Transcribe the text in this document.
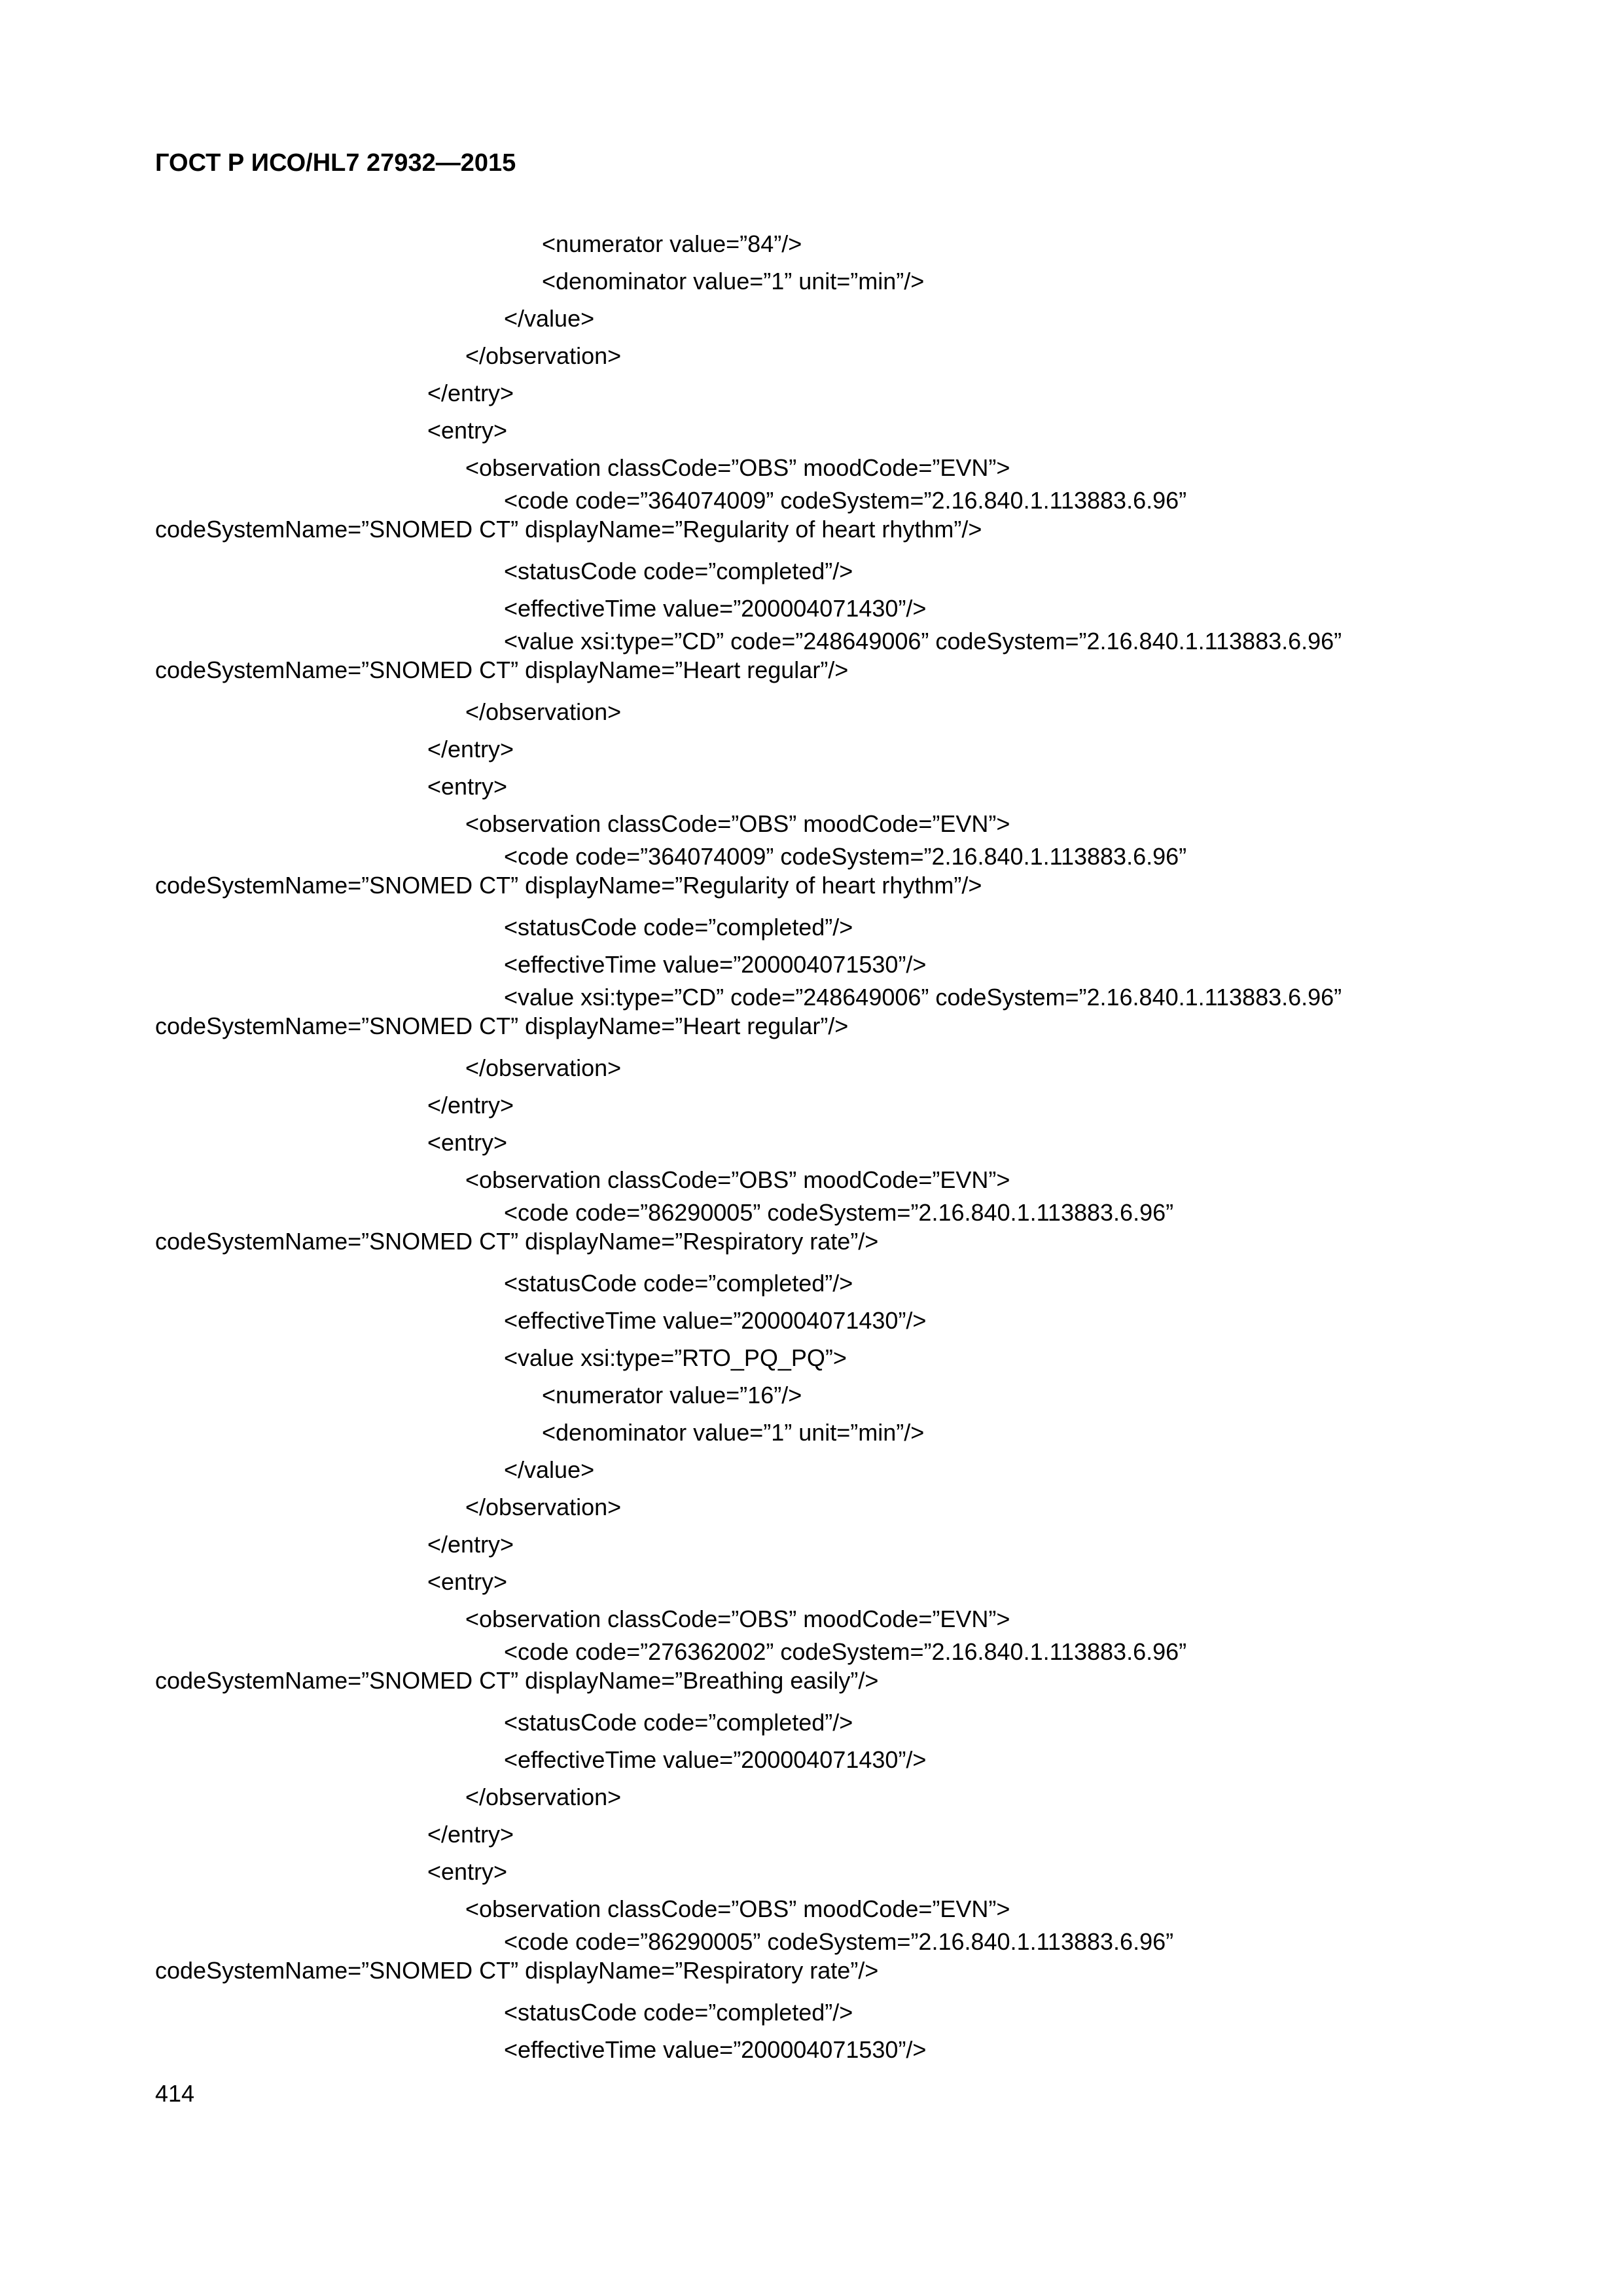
ГОСТ Р ИСО/HL7 27932—2015
<numerator value=”84”/>
<denominator value=”1” unit=”min”/>
</value>
</observation>
</entry>
<entry>
<observation classCode=”OBS” moodCode=”EVN”>
<code code=”364074009” codeSystem=”2.16.840.1.113883.6.96”
codeSystemName=”SNOMED CT” displayName=”Regularity of heart rhythm”/>
<statusCode code=”completed”/>
<effectiveTime value=”200004071430”/>
<value xsi:type=”CD” code=”248649006” codeSystem=”2.16.840.1.113883.6.96”
codeSystemName=”SNOMED CT” displayName=”Heart regular”/>
</observation>
</entry>
<entry>
<observation classCode=”OBS” moodCode=”EVN”>
<code code=”364074009” codeSystem=”2.16.840.1.113883.6.96”
codeSystemName=”SNOMED CT” displayName=”Regularity of heart rhythm”/>
<statusCode code=”completed”/>
<effectiveTime value=”200004071530”/>
<value xsi:type=”CD” code=”248649006” codeSystem=”2.16.840.1.113883.6.96”
codeSystemName=”SNOMED CT” displayName=”Heart regular”/>
</observation>
</entry>
<entry>
<observation classCode=”OBS” moodCode=”EVN”>
<code code=”86290005” codeSystem=”2.16.840.1.113883.6.96”
codeSystemName=”SNOMED CT” displayName=”Respiratory rate”/>
<statusCode code=”completed”/>
<effectiveTime value=”200004071430”/>
<value xsi:type=”RTO_PQ_PQ”>
<numerator value=”16”/>
<denominator value=”1” unit=”min”/>
</value>
</observation>
</entry>
<entry>
<observation classCode=”OBS” moodCode=”EVN”>
<code code=”276362002” codeSystem=”2.16.840.1.113883.6.96”
codeSystemName=”SNOMED CT” displayName=”Breathing easily”/>
<statusCode code=”completed”/>
<effectiveTime value=”200004071430”/>
</observation>
</entry>
<entry>
<observation classCode=”OBS” moodCode=”EVN”>
<code code=”86290005” codeSystem=”2.16.840.1.113883.6.96”
codeSystemName=”SNOMED CT” displayName=”Respiratory rate”/>
<statusCode code=”completed”/>
<effectiveTime value=”200004071530”/>
414
